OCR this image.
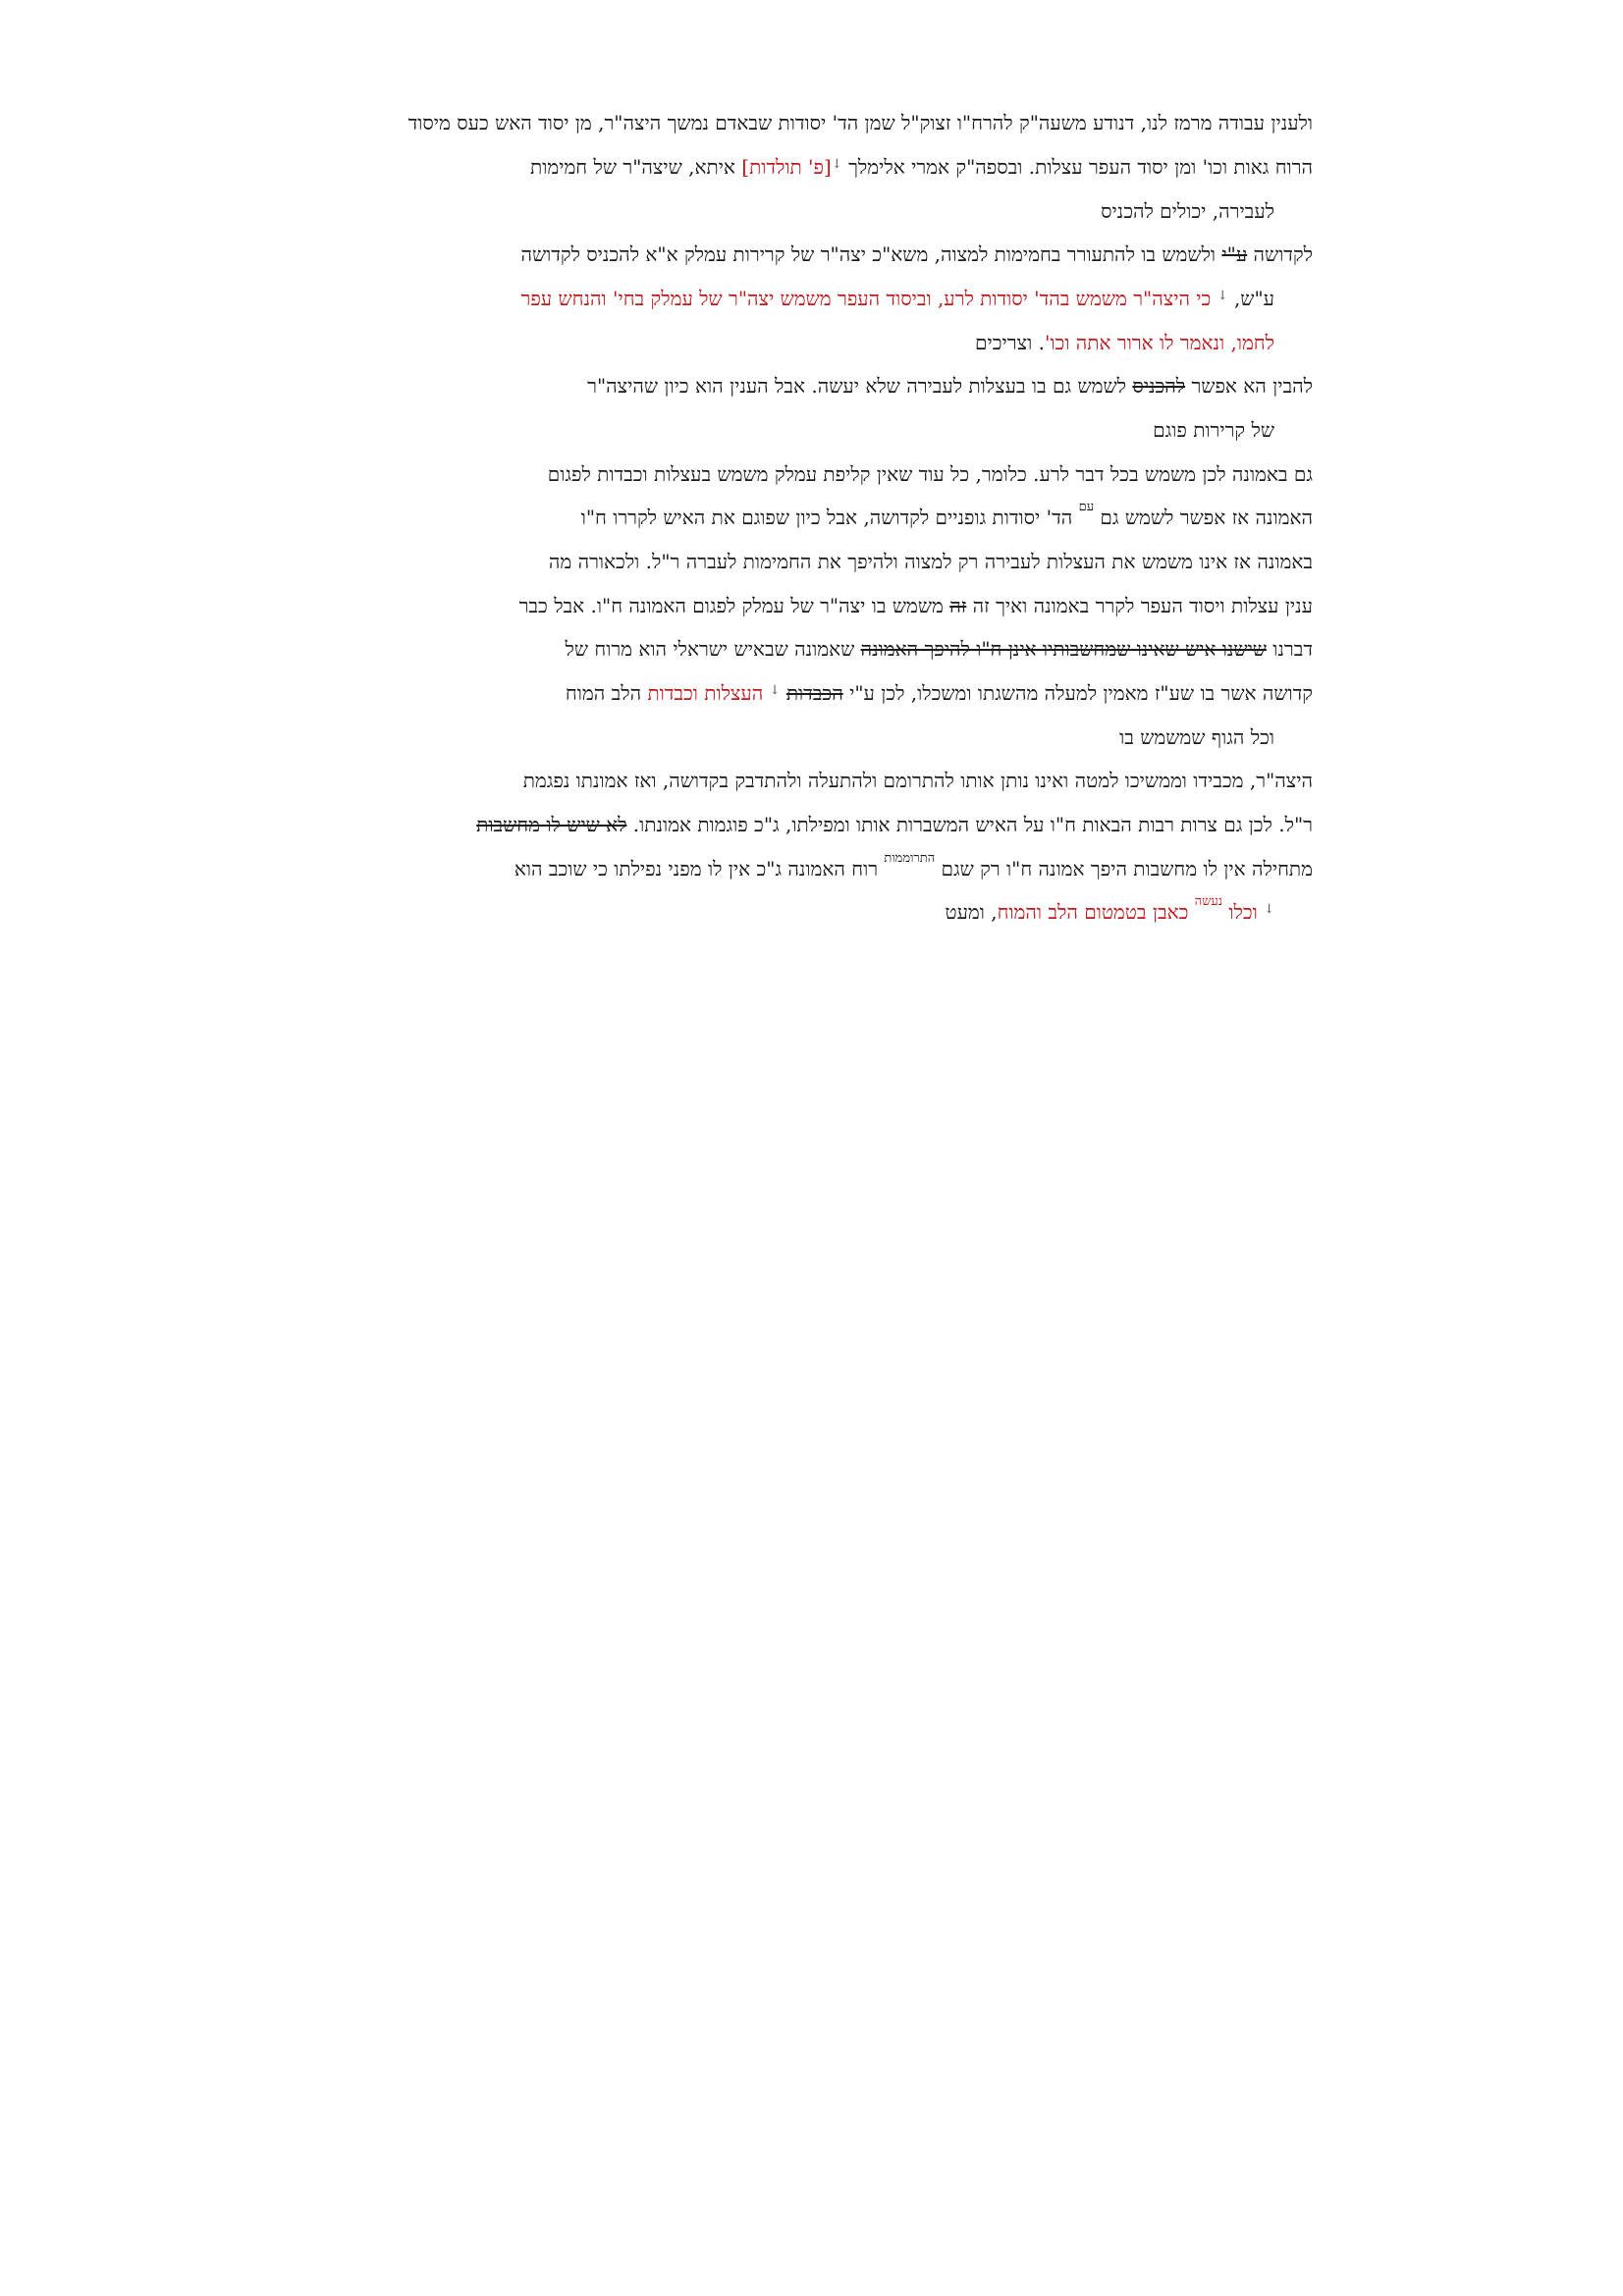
ולענין עבודה מרמז לנו, דנודע משעה"ק להרח"ו זצוק"ל שמן הד' יסודות שבאדם נמשך היצה"ר, מן יסוד האש כעס מיסוד

הרוח גאות וכו' ומן יסוד העפר עצלות. ובספה"ק אמרי אלימלך ↓[פ' תולדות] איתא, שיצה"ר של חמימות

לעבירה, יכולים להכניס

לקדושה ע"י ולשמש בו להתעורר בחמימות למצוה, משא"כ יצה"ר של קרירות עמלק א"א להכניס לקדושה

ע"ש, ↓ כי היצה"ר משמש בהד' יסודות לרע, וביסוד העפר משמש יצה"ר של עמלק בחי' והנחש עפר

לחמו, ונאמר לו ארור אתה וכו'. וצריכים

להבין הא אפשר להכניס לשמש גם בו בעצלות לעבירה שלא יעשה. אבל הענין הוא כיון שהיצה"ר

של קרירות פוגם

גם באמונה לכן משמש בכל דבר לרע. כלומר, כל עוד שאין קליפת עמלק משמש בעצלות וכבדות לפגום

האמונה אז אפשר לשמש גם $^{עם}$ הד' יסודות גופניים לקדושה, אבל כיון שפוגם את האיש לקררו ח"ו

באמונה אז אינו משמש את העצלות לעבירה רק למצוה ולהיפך את החמימות לעברה ר"ל. ולכאורה מה

ענין עצלות ויסוד העפר לקרר באמונה ואיך זה זה משמש בו יצה"ר של עמלק לפגום האמונה ח"ו. אבל כבר

דברנו שישנו איש שאינו שמחשבותיו אינן ח"ו להיפך האמונה שאמונה שבאיש ישראלי הוא מרוח של

קדושה אשר בו שע"ז מאמין למעלה מהשגתו ומשכלו, לכן ע"י הכבדות ↓ העצלות וכבדות הלב המוח

וכל הגוף שמשמש בו

היצה"ר, מכבידו וממשיכו למטה ואינו נותן אותו להתרומם ולהתעלה ולהתדבק בקדושה, ואז אמונתו נפגמת

ר"ל. לכן גם צרות רבות הבאות ח"ו על האיש המשברות אותו ומפילתו, ג"כ פוגמות אמונתו. לא שיש לו מחשבות

מתחילה אין לו מחשבות היפך אמונה ח"ו רק שגם $^{התרוממות}$ רוח האמונה ג"כ אין לו מפני נפילתו כי שוכב הוא

↓ וכלו $^{נעשה}$ כאבן בטמטום הלב והמוח, ומעט
